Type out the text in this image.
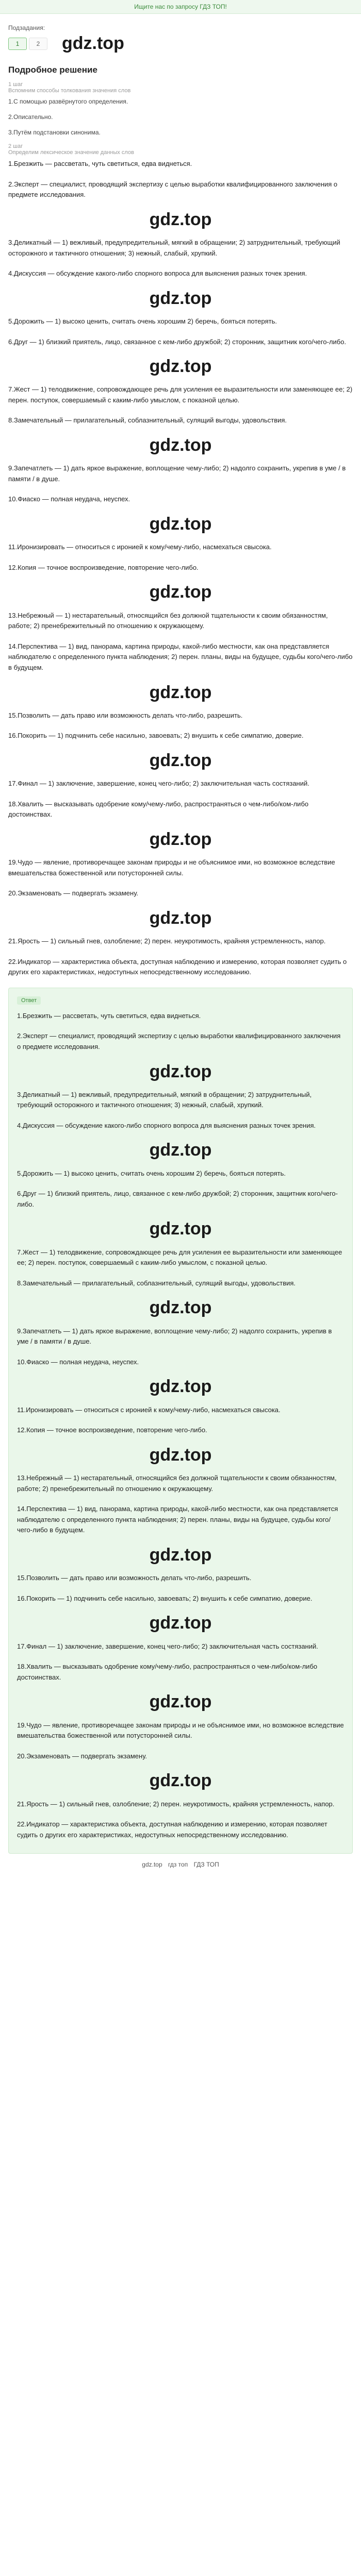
Ищите нас по запросу ГДЗ ТОП!
Подзадания:
1	2	gdz.top
Подробное решение
1 шаг
Вспомним способы толкования значения слов
1.С помощью развёрнутого определения.
2.Описательно.
3.Путём подстановки синонима.
2 шаг
Определим лексическое значение данных слов

1.Брезжить — рассветать, чуть светиться, едва виднеться.

2.Эксперт — специалист, проводящий экспертизу с целью выработки квалифицированного заключения о предмете исследования.

gdz.top

3.Деликатный — 1) вежливый, предупредительный, мягкий в обращении; 2) затруднительный, требующий осторожного и тактичного отношения; 3) нежный, слабый, хрупкий.

4.Дискуссия — обсуждение какого-либо спорного вопроса для выяснения разных точек зрения.

gdz.top

5.Дорожить — 1) высоко ценить, считать очень хорошим 2) беречь, бояться потерять.

6.Друг — 1) близкий приятель, лицо, связанное с кем-либо дружбой; 2) сторонник, защитник кого/чего-либо.

gdz.top

7.Жест — 1) телодвижение, сопровождающее речь для усиления ее выразительности или заменяющее ее; 2) перен. поступок, совершаемый с каким-либо умыслом, с показной целью.

8.Замечательный — прилагательный, соблазнительный, сулящий выгоды, удовольствия.

gdz.top

9.Запечатлеть — 1) дать яркое выражение, воплощение чему-либо; 2) надолго сохранить, укрепив в уме / в памяти / в душе.

10.Фиаско — полная неудача, неуспех.

gdz.top

11.Иронизировать — относиться с иронией к кому/чему-либо, насмехаться свысока.

12.Копия — точное воспроизведение, повторение чего-либо.

gdz.top

13.Небрежный — 1) нестарательный, относящийся без должной тщательности к своим обязанностям, работе; 2) пренебрежительный по отношению к окружающему.

14.Перспектива — 1) вид, панорама, картина природы, какой-либо местности, как она представляется наблюдателю с определенного пункта наблюдения; 2) перен. планы, виды на будущее, судьбы кого/чего-либо в будущем.

gdz.top

15.Позволить — дать право или возможность делать что-либо, разрешить.

16.Покорить — 1) подчинить себе насильно, завоевать; 2) внушить к себе симпатию, доверие.

gdz.top

17.Финал — 1) заключение, завершение, конец чего-либо; 2) заключительная часть состязаний.

18.Хвалить — высказывать одобрение кому/чему-либо, распространяться о чем-либо/ком-либо достоинствах.

gdz.top

19.Чудо — явление, противоречащее законам природы и не объяснимое ими, но возможное вследствие вмешательства божественной или потусторонней силы.

20.Экзаменовать — подвергать экзамену.

gdz.top

21.Ярость — 1) сильный гнев, озлобление; 2) перен. неукротимость, крайняя устремленность, напор.

22.Индикатор — характеристика объекта, доступная наблюдению и измерению, которая позволяет судить о других его характеристиках, недоступных непосредственному исследованию.

Ответ

1.Брезжить — рассветать, чуть светиться, едва виднеться.

2.Эксперт — специалист, проводящий экспертизу с целью выработки квалифицированного заключения о предмете исследования.

gdz.top

3.Деликатный — 1) вежливый, предупредительный, мягкий в обращении; 2) затруднительный, требующий осторожного и тактичного отношения; 3) нежный, слабый, хрупкий.

4.Дискуссия — обсуждение какого-либо спорного вопроса для выяснения разных точек зрения.

gdz.top

5.Дорожить — 1) высоко ценить, считать очень хорошим 2) беречь, бояться потерять.

6.Друг — 1) близкий приятель, лицо, связанное с кем-либо дружбой; 2) сторонник, защитник кого/чего-либо.

gdz.top

7.Жест — 1) телодвижение, сопровождающее речь для усиления ее выразительности или заменяющее ее; 2) перен. поступок, совершаемый с каким-либо умыслом, с показной целью.

8.Замечательный — прилагательный, соблазнительный, сулящий выгоды, удовольствия.

gdz.top

9.Запечатлеть — 1) дать яркое выражение, воплощение чему-либо; 2) надолго сохранить, укрепив в уме / в памяти / в душе.

10.Фиаско — полная неудача, неуспех.

gdz.top

11.Иронизировать — относиться с иронией к кому/чему-либо, насмехаться свысока.

12.Копия — точное воспроизведение, повторение чего-либо.

gdz.top

13.Небрежный — 1) нестарательный, относящийся без должной тщательности к своим обязанностям, работе; 2) пренебрежительный по отношению к окружающему.

14.Перспектива — 1) вид, панорама, картина природы, какой-либо местности, как она представляется наблюдателю с определенного пункта наблюдения; 2) перен. планы, виды на будущее, судьбы кого/чего-либо в будущем.

gdz.top

15.Позволить — дать право или возможность делать что-либо, разрешить.

16.Покорить — 1) подчинить себе насильно, завоевать; 2) внушить к себе симпатию, доверие.

gdz.top

17.Финал — 1) заключение, завершение, конец чего-либо; 2) заключительная часть состязаний.

18.Хвалить — высказывать одобрение кому/чему-либо, распространяться о чем-либо/ком-либо достоинствах.

gdz.top

19.Чудо — явление, противоречащее законам природы и не объяснимое ими, но возможное вследствие вмешательства божественной или потусторонней силы.

20.Экзаменовать — подвергать экзамену.

gdz.top

21.Ярость — 1) сильный гнев, озлобление; 2) перен. неукротимость, крайняя устремленность, напор.

22.Индикатор — характеристика объекта, доступная наблюдению и измерению, которая позволяет судить о других его характеристиках, недоступных непосредственному исследованию.

gdz.top гдз топ ГДЗ ТОП
